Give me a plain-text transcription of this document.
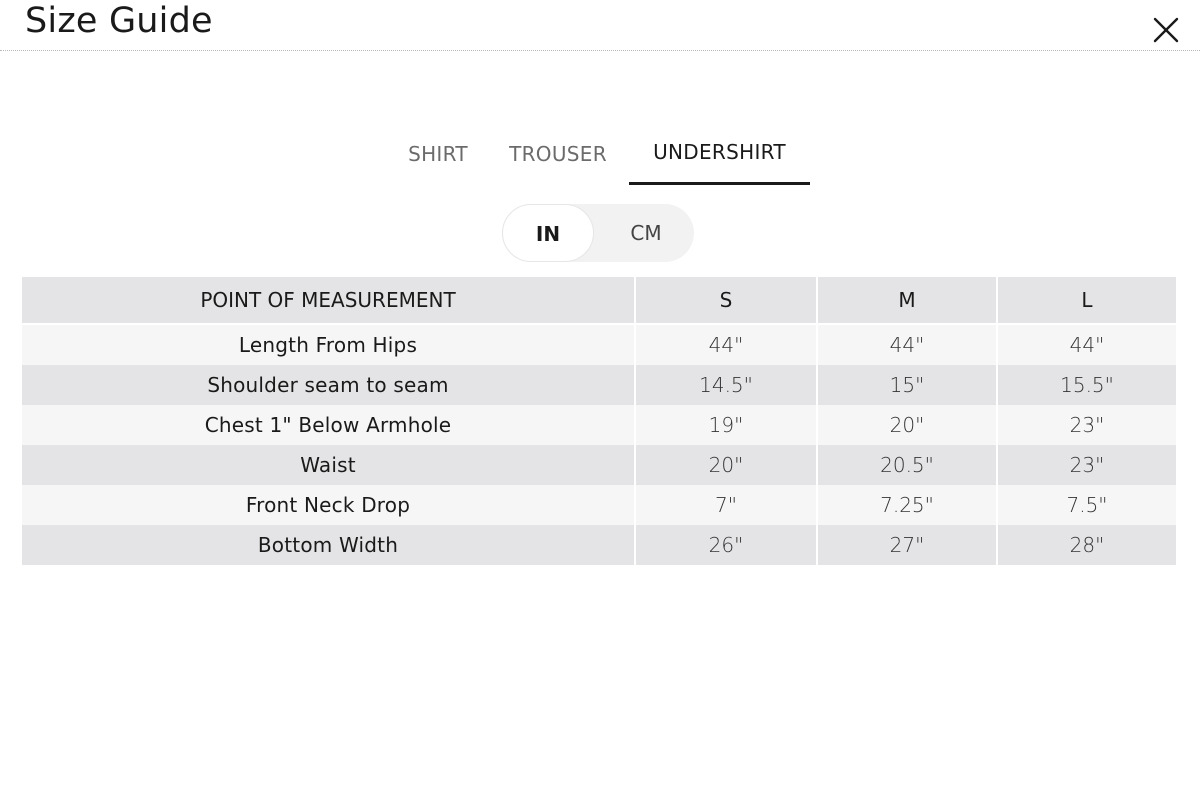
Size Guide
SHIRT	TROUSER	UNDERSHIRT
IN	CM
POINT OF MEASUREMENT	S	M	L
Length From Hips	44"	44"	44"
Shoulder seam to seam	14.5"	15"	15.5"
Chest 1" Below Armhole	19"	20"	23"
Waist	20"	20.5"	23"
Front Neck Drop	7"	7.25"	7.5"
Bottom Width	26"	27"	28"
